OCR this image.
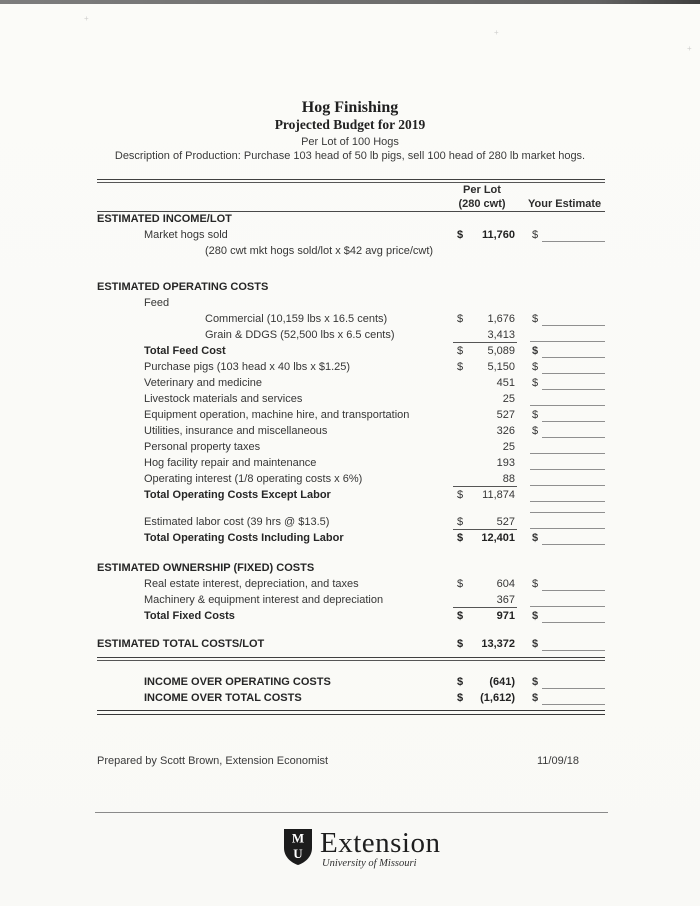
+
+
+
Hog Finishing
Projected Budget for 2019
Per Lot of 100 Hogs
Description of Production: Purchase 103 head of 50 lb pigs, sell 100 head of 280 lb market hogs.
Per Lot
(280 cwt)	Your Estimate
ESTIMATED INCOME/LOT
Market hogs sold	$	11,760 $
(280 cwt mkt hogs sold/lot x $42 avg price/cwt)
ESTIMATED OPERATING COSTS
Feed
Commercial (10,159 lbs x 16.5 cents)	$	1,676 $
Grain & DDGS (52,500 lbs x 6.5 cents)	3,413
Total Feed Cost	$	5,089 $
Purchase pigs (103 head x 40 lbs x $1.25)	$	5,150 $
Veterinary and medicine	451 $
Livestock materials and services	25
Equipment operation, machine hire, and transportation	527 $
Utilities, insurance and miscellaneous	326 $
Personal property taxes	25
Hog facility repair and maintenance	193
Operating interest (1/8 operating costs x 6%)	88
Total Operating Costs Except Labor	$	11,874
Estimated labor cost (39 hrs @ $13.5)	$	527
Total Operating Costs Including Labor	$	12,401 $
ESTIMATED OWNERSHIP (FIXED) COSTS
Real estate interest, depreciation, and taxes	$	604 $
Machinery & equipment interest and depreciation	367
Total Fixed Costs	$	971 $
ESTIMATED TOTAL COSTS/LOT	$	13,372 $
INCOME OVER OPERATING COSTS	$	(641) $
INCOME OVER TOTAL COSTS	$	(1,612) $
Prepared by Scott Brown, Extension Economist	11/09/18
M
U Extension
University of Missouri
